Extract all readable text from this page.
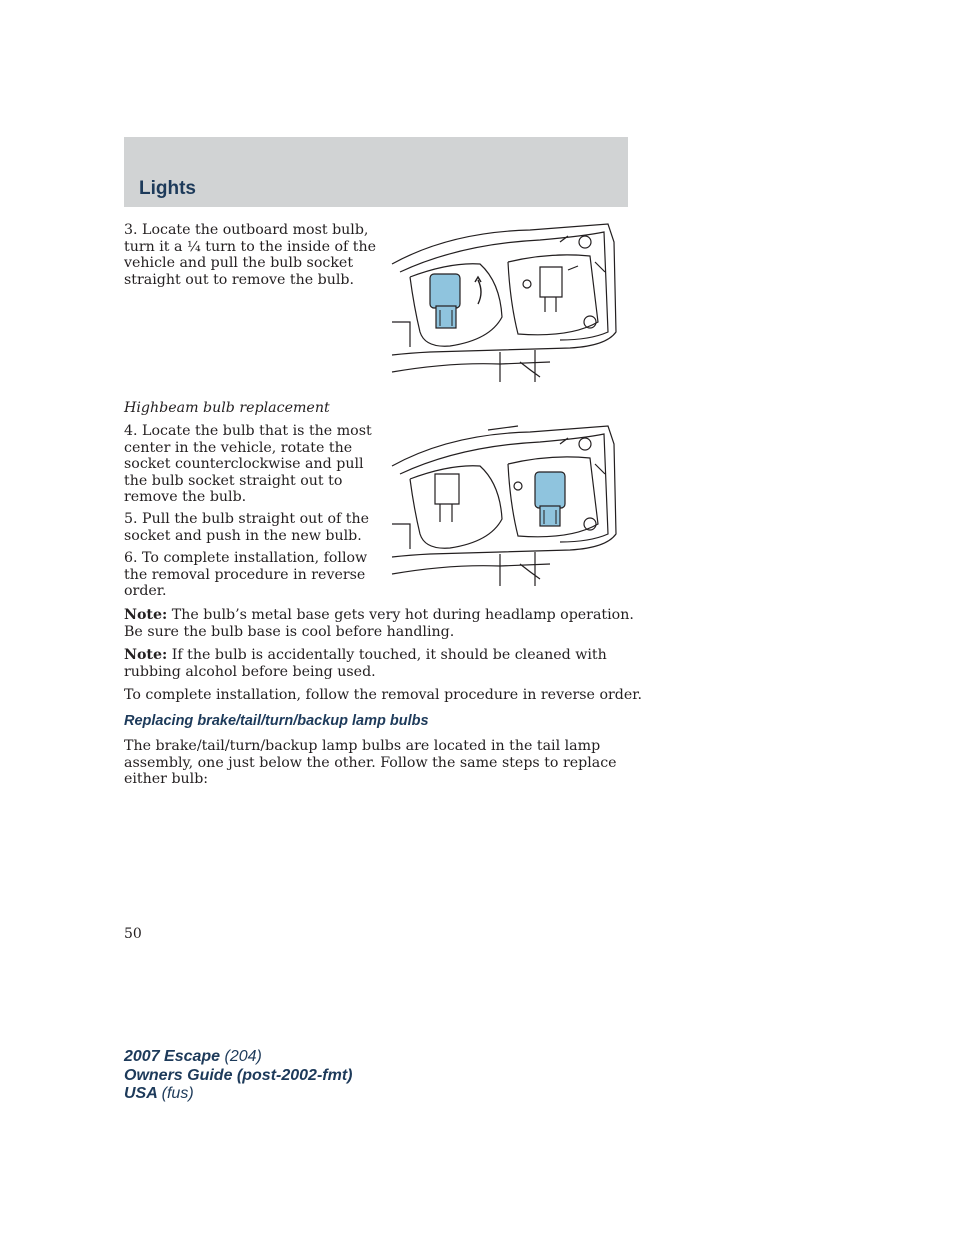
Lights
3. Locate the outboard most bulb,
turn it a ¼ turn to the inside of the
vehicle and pull the bulb socket
straight out to remove the bulb.
Highbeam bulb replacement
4. Locate the bulb that is the most
center in the vehicle, rotate the
socket counterclockwise and pull
the bulb socket straight out to
remove the bulb.
5. Pull the bulb straight out of the
socket and push in the new bulb.
6. To complete installation, follow
the removal procedure in reverse
order.
Note: The bulb’s metal base gets very hot during headlamp operation.
Be sure the bulb base is cool before handling.
Note: If the bulb is accidentally touched, it should be cleaned with
rubbing alcohol before being used.
To complete installation, follow the removal procedure in reverse order.
Replacing brake/tail/turn/backup lamp bulbs
The brake/tail/turn/backup lamp bulbs are located in the tail lamp
assembly, one just below the other. Follow the same steps to replace
either bulb:
50
2007 Escape (204)
Owners Guide (post-2002-fmt)
USA (fus)
